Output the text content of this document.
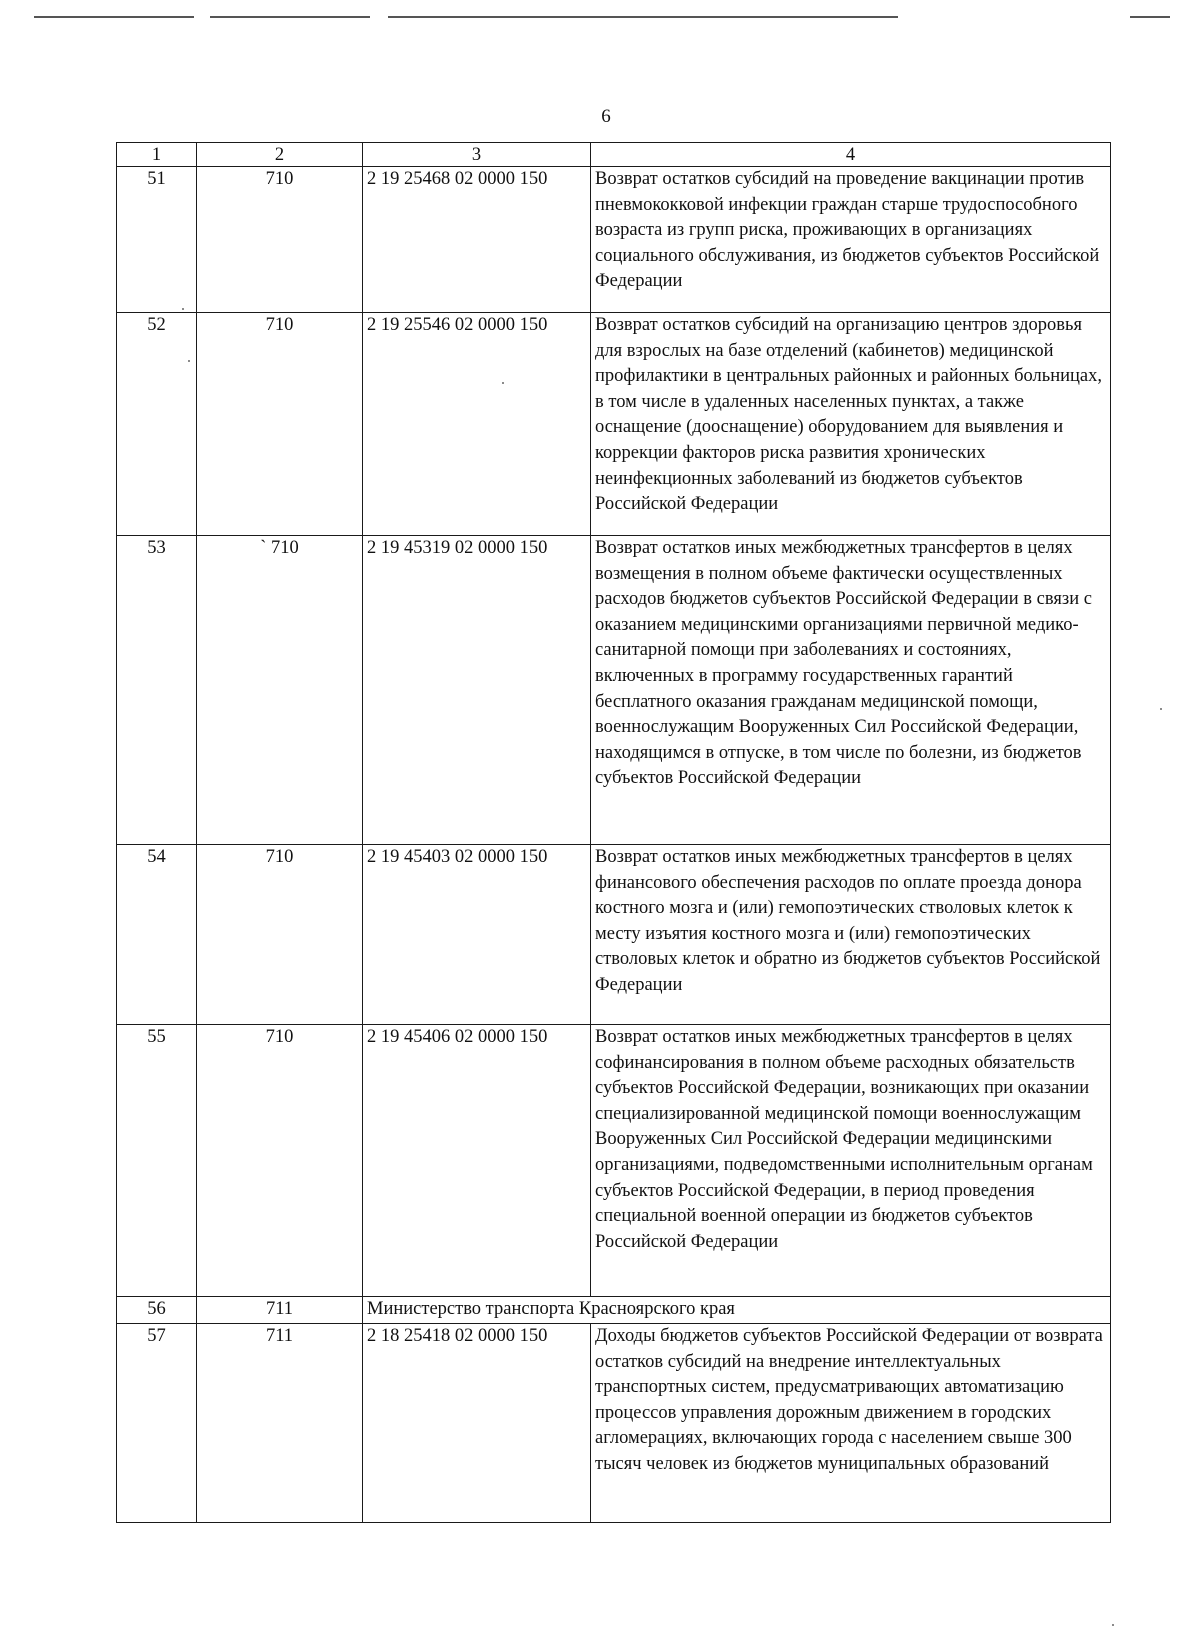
6
1	2	3	4
51	710	2 19 25468 02 0000 150	Возврат остатков субсидий на проведение вакцинации против пневмококковой инфекции граждан старше трудоспособного возраста из групп риска, проживающих в организациях социального обслуживания, из бюджетов субъектов Российской Федерации
52	710	2 19 25546 02 0000 150	Возврат остатков субсидий на организацию центров здоровья для взрослых на базе отделений (кабинетов) медицинской профилактики в центральных районных и районных больницах, в том числе в удаленных населенных пунктах, а также оснащение (дооснащение) оборудованием для выявления и коррекции факторов риска развития хронических неинфекционных заболеваний из бюджетов субъектов Российской Федерации
53	` 710	2 19 45319 02 0000 150	Возврат остатков иных межбюджетных трансфертов в целях возмещения в полном объеме фактически осуществленных расходов бюджетов субъектов Российской Федерации в связи с оказанием медицинскими организациями первичной медико-санитарной помощи при заболеваниях и состояниях, включенных в программу государственных гарантий бесплатного оказания гражданам медицинской помощи, военнослужащим Вооруженных Сил Российской Федерации, находящимся в отпуске, в том числе по болезни, из бюджетов субъектов Российской Федерации
54	710	2 19 45403 02 0000 150	Возврат остатков иных межбюджетных трансфертов в целях финансового обеспечения расходов по оплате проезда донора костного мозга и (или) гемопоэтических стволовых клеток к месту изъятия костного мозга и (или) гемопоэтических стволовых клеток и обратно из бюджетов субъектов Российской Федерации
55	710	2 19 45406 02 0000 150	Возврат остатков иных межбюджетных трансфертов в целях софинансирования в полном объеме расходных обязательств субъектов Российской Федерации, возникающих при оказании специализированной медицинской помощи военнослужащим Вооруженных Сил Российской Федерации медицинскими организациями, подведомственными исполнительным органам субъектов Российской Федерации, в период проведения специальной военной операции из бюджетов субъектов Российской Федерации
56	711	Министерство транспорта Красноярского края	
57	711	2 18 25418 02 0000 150	Доходы бюджетов субъектов Российской Федерации от возврата остатков субсидий на внедрение интеллектуальных транспортных систем, предусматривающих автоматизацию процессов управления дорожным движением в городских агломерациях, включающих города с населением свыше 300 тысяч человек из бюджетов муниципальных образований
